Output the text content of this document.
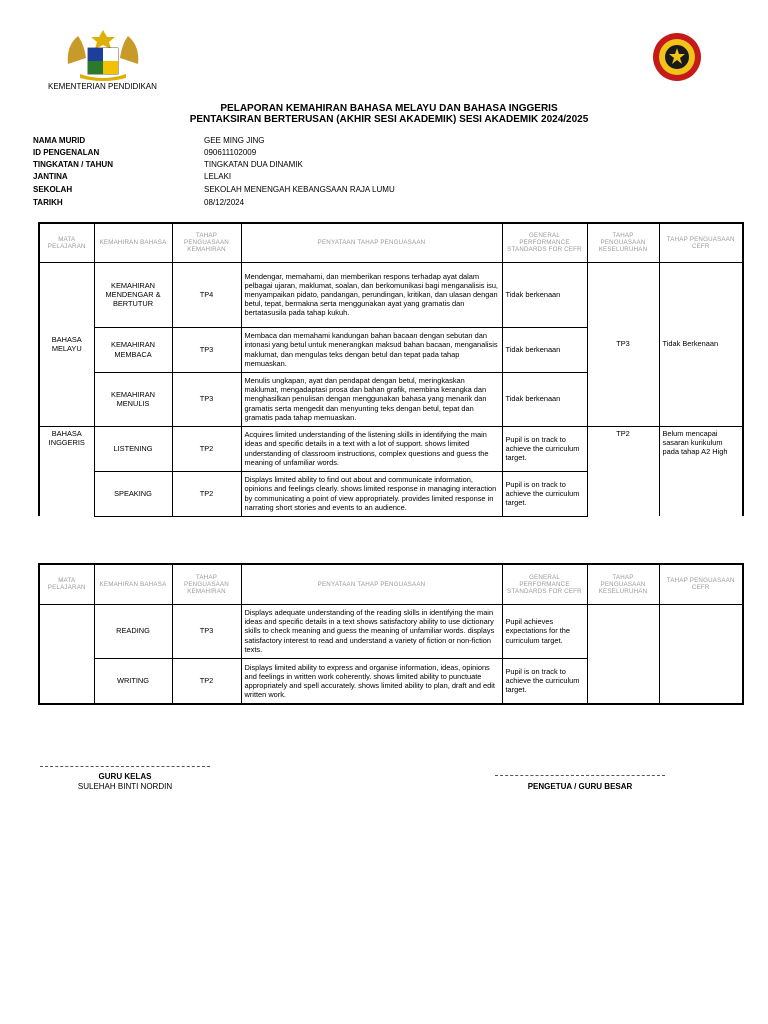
KEMENTERIAN PENDIDIKAN
PELAPORAN KEMAHIRAN BAHASA MELAYU DAN BAHASA INGGERIS
PENTAKSIRAN BERTERUSAN (AKHIR SESI AKADEMIK) SESI AKADEMIK 2024/2025
NAMA MURID	GEE MING JING
ID PENGENALAN	090611102009
TINGKATAN / TAHUN	TINGKATAN DUA DINAMIK
JANTINA	LELAKI
SEKOLAH	SEKOLAH MENENGAH KEBANGSAAN RAJA LUMU
TARIKH	08/12/2024
MATA PELAJARAN	KEMAHIRAN BAHASA	TAHAP PENGUASAAN KEMAHIRAN	PENYATAAN TAHAP PENGUASAAN	GENERAL PERFORMANCE STANDARDS FOR CEFR	TAHAP PENGUASAAN KESELURUHAN	TAHAP PENGUASAAN CEFR
BAHASA MELAYU	KEMAHIRAN MENDENGAR & BERTUTUR	TP4	Mendengar, memahami, dan memberikan respons terhadap ayat dalam pelbagai ujaran, maklumat, soalan, dan berkomunikasi bagi menganalisis isu, menyampaikan pidato, pandangan, perundingan, kritikan, dan ulasan dengan betul, tepat, bermakna serta menggunakan ayat yang gramatis dan bertatasusila pada tahap kukuh.	Tidak berkenaan	TP3	Tidak Berkenaan
	KEMAHIRAN MEMBACA	TP3	Membaca dan memahami kandungan bahan bacaan dengan sebutan dan intonasi yang betul untuk menerangkan maksud bahan bacaan, menganalisis maklumat, dan mengulas teks dengan betul dan tepat pada tahap memuaskan.	Tidak berkenaan		
	KEMAHIRAN MENULIS	TP3	Menulis ungkapan, ayat dan pendapat dengan betul, meringkaskan maklumat, mengadaptasi prosa dan bahan grafik, membina kerangka dan menghasilkan penulisan dengan menggunakan bahasa yang menarik dan gramatis serta mengedit dan menyunting teks dengan betul, tepat dan gramatis pada tahap memuaskan.	Tidak berkenaan		
BAHASA INGGERIS	LISTENING	TP2	Acquires limited understanding of the listening skills in identifying the main ideas and specific details in a text with a lot of support. shows limited understanding of classroom instructions, complex questions and guess the meaning of unfamiliar words.	Pupil is on track to achieve the curriculum target.	TP2	Belum mencapai sasaran kurikulum pada tahap A2 High
	SPEAKING	TP2	Displays limited ability to find out about and communicate information, opinions and feelings clearly. shows limited response in managing interaction by communicating a point of view appropriately. provides limited response in narrating short stories and events to an audience.	Pupil is on track to achieve the curriculum target.		
MATA PELAJARAN	KEMAHIRAN BAHASA	TAHAP PENGUASAAN KEMAHIRAN	PENYATAAN TAHAP PENGUASAAN	GENERAL PERFORMANCE STANDARDS FOR CEFR	TAHAP PENGUASAAN KESELURUHAN	TAHAP PENGUASAAN CEFR
	READING	TP3	Displays adequate understanding of the reading skills in identifying the main ideas and specific details in a text shows satisfactory ability to use dictionary skills to check meaning and guess the meaning of unfamiliar words. displays satisfactory interest to read and understand a variety of fiction or non-fiction texts.	Pupil achieves expectations for the curriculum target.		
	WRITING	TP2	Displays limited ability to express and organise information, ideas, opinions and feelings in written work coherently. shows limited ability to punctuate appropriately and spell accurately. shows limited ability to plan, draft and edit written work.	Pupil is on track to achieve the curriculum target.		
GURU KELAS
SULEHAH BINTI NORDIN	PENGETUA / GURU BESAR
